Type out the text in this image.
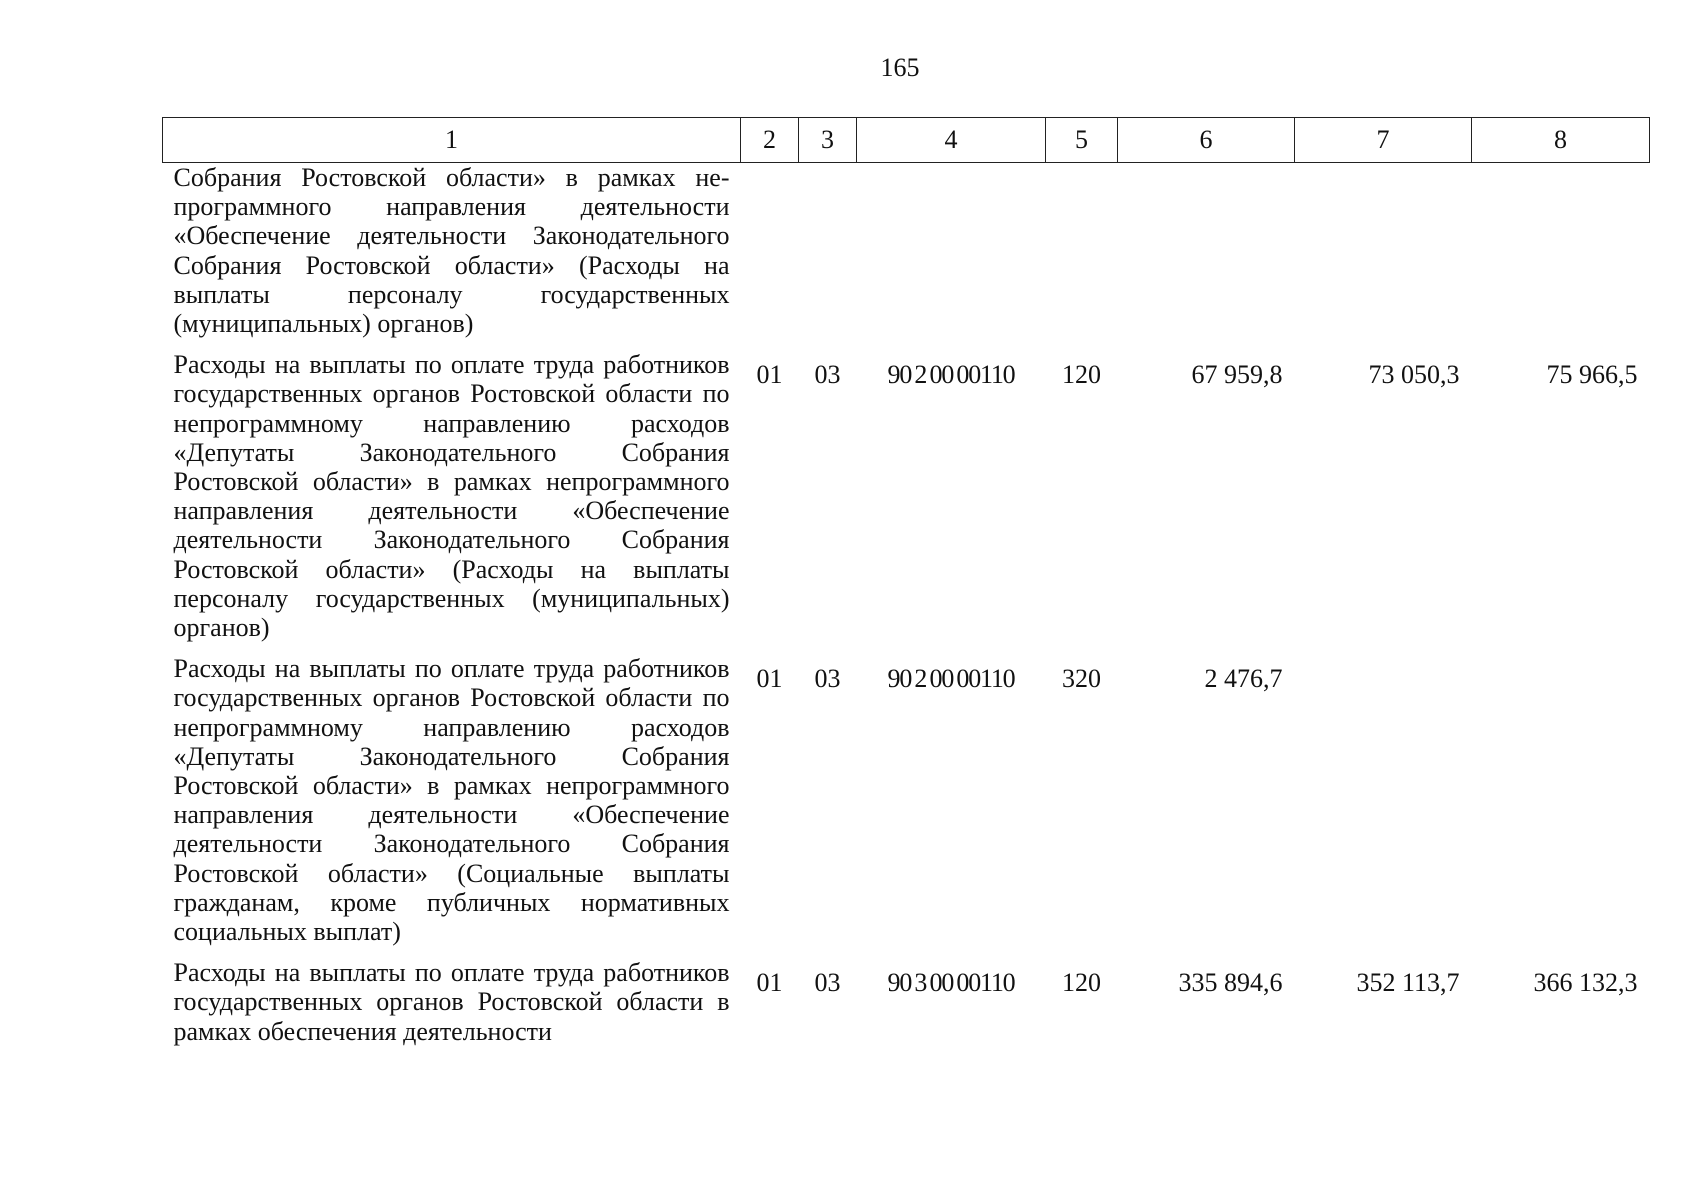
165
1	2	3	4	5	6	7	8
Собрания Ростовской области» в рамках непрограммного направления деятельности «Обеспечение деятельности Законодательного Собрания Ростовской области» (Расходы на выплаты персоналу государственных (муниципальных) органов)							
Расходы на выплаты по оплате труда работников государственных органов Ростовской области по непрограммному направлению расходов «Депутаты Законодательного Собрания Ростовской области» в рамках непрограммного направления деятельности «Обеспечение деятельности Законодательного Собрания Ростовской области» (Расходы на выплаты персоналу государственных (муниципальных) органов)	01	03	90 2 00 00110	120	67 959,8	73 050,3	75 966,5
Расходы на выплаты по оплате труда работников государственных органов Ростовской области по непрограммному направлению расходов «Депутаты Законодательного Собрания Ростовской области» в рамках непрограммного направления деятельности «Обеспечение деятельности Законодательного Собрания Ростовской области» (Социальные выплаты гражданам, кроме публичных нормативных социальных выплат)	01	03	90 2 00 00110	320	2 476,7		
Расходы на выплаты по оплате труда работников государственных органов Ростовской области в рамках обеспечения деятельности	01	03	90 3 00 00110	120	335 894,6	352 113,7	366 132,3
